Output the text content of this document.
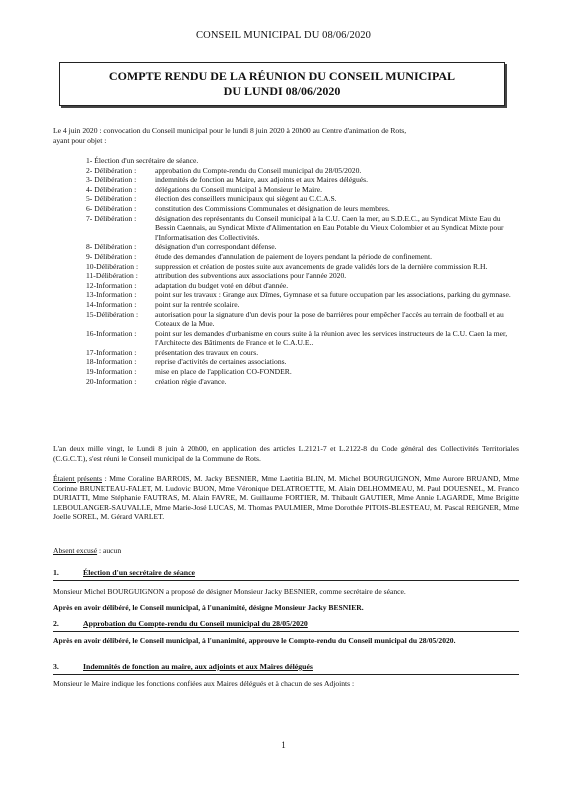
CONSEIL MUNICIPAL DU 08/06/2020
COMPTE RENDU DE LA RÉUNION DU CONSEIL MUNICIPAL
DU LUNDI 08/06/2020
Le 4 juin 2020 : convocation du Conseil municipal pour le lundi 8 juin 2020 à 20h00 au Centre d'animation de Rots,
ayant pour objet :
1- Élection d'un secrétaire de séance.
2- Délibération :	approbation du Compte-rendu du Conseil municipal du 28/05/2020.
3- Délibération :	indemnités de fonction au Maire, aux adjoints et aux Maires délégués.
4- Délibération :	délégations du Conseil municipal à Monsieur le Maire.
5- Délibération :	élection des conseillers municipaux qui siègent au C.C.A.S.
6- Délibération :	constitution des Commissions Communales et désignation de leurs membres.
7- Délibération :	désignation des représentants du Conseil municipal à la C.U. Caen la mer, au S.D.E.C., au Syndicat Mixte Eau du Bessin Caennais, au Syndicat Mixte d'Alimentation en Eau Potable du Vieux Colombier et au Syndicat Mixte pour l'Informatisation des Collectivités.
8- Délibération :	désignation d'un correspondant défense.
9- Délibération :	étude des demandes d'annulation de paiement de loyers pendant la période de confinement.
10-Délibération :	suppression et création de postes suite aux avancements de grade validés lors de la dernière commission R.H.
11-Délibération :	attribution des subventions aux associations pour l'année 2020.
12-Information :	adaptation du budget voté en début d'année.
13-Information :	point sur les travaux : Grange aux Dîmes, Gymnase et sa future occupation par les associations, parking du gymnase.
14-Information :	point sur la rentrée scolaire.
15-Délibération :	autorisation pour la signature d'un devis pour la pose de barrières pour empêcher l'accès au terrain de football et au Coteaux de la Mue.
16-Information :	point sur les demandes d'urbanisme en cours suite à la réunion avec les services instructeurs de la C.U. Caen la mer, l'Architecte des Bâtiments de France et le C.A.U.E..
17-Information :	présentation des travaux en cours.
18-Information :	reprise d'activités de certaines associations.
19-Information :	mise en place de l'application CO-FONDER.
20-Information :	création régie d'avance.
L'an deux mille vingt, le Lundi 8 juin à 20h00, en application des articles L.2121-7 et L.2122-8 du Code général des Collectivités Territoriales (C.G.C.T.), s'est réuni le Conseil municipal de la Commune de Rots.
Étaient présents : Mme Coraline BARROIS, M. Jacky BESNIER, Mme Laetitia BLIN, M. Michel BOURGUIGNON, Mme Aurore BRUAND, Mme Corinne BRUNETEAU-FALET, M. Ludovic BUON, Mme Véronique DELATROETTE, M. Alain DELHOMMEAU, M. Paul DOUESNEL, M. Franco DURIATTI, Mme Stéphanie FAUTRAS, M. Alain FAVRE, M. Guillaume FORTIER, M. Thibault GAUTIER, Mme Annie LAGARDE, Mme Brigitte LEBOULANGER-SAUVALLE, Mme Marie-José LUCAS, M. Thomas PAULMIER, Mme Dorothée PITOIS-BLESTEAU, M. Pascal REIGNER, Mme Joelle SOREL, M. Gérard VARLET.
Absent excusé : aucun
1.	Élection d'un secrétaire de séance
Monsieur Michel BOURGUIGNON a proposé de désigner Monsieur Jacky BESNIER, comme secrétaire de séance.
Après en avoir délibéré, le Conseil municipal, à l'unanimité, désigne Monsieur Jacky BESNIER.
2.	Approbation du Compte-rendu du Conseil municipal du 28/05/2020
Après en avoir délibéré, le Conseil municipal, à l'unanimité, approuve le Compte-rendu du Conseil municipal du 28/05/2020.
3.	Indemnités de fonction au maire, aux adjoints et aux Maires délégués
Monsieur le Maire indique les fonctions confiées aux Maires délégués et à chacun de ses Adjoints :
1
